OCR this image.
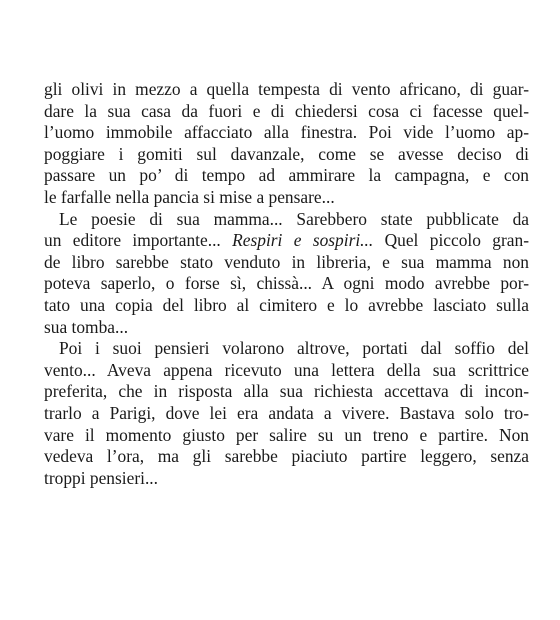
gli olivi in mezzo a quella tempesta di vento africano, di guar-
dare la sua casa da fuori e di chiedersi cosa ci facesse quel-
l’uomo immobile affacciato alla finestra. Poi vide l’uomo ap-
poggiare i gomiti sul davanzale, come se avesse deciso di
passare un po’ di tempo ad ammirare la campagna, e con
le farfalle nella pancia si mise a pensare...
Le poesie di sua mamma... Sarebbero state pubblicate da
un editore importante... Respiri e sospiri... Quel piccolo gran-
de libro sarebbe stato venduto in libreria, e sua mamma non
poteva saperlo, o forse sì, chissà... A ogni modo avrebbe por-
tato una copia del libro al cimitero e lo avrebbe lasciato sulla
sua tomba...
Poi i suoi pensieri volarono altrove, portati dal soffio del
vento... Aveva appena ricevuto una lettera della sua scrittrice
preferita, che in risposta alla sua richiesta accettava di incon-
trarlo a Parigi, dove lei era andata a vivere. Bastava solo tro-
vare il momento giusto per salire su un treno e partire. Non
vedeva l’ora, ma gli sarebbe piaciuto partire leggero, senza
troppi pensieri...
